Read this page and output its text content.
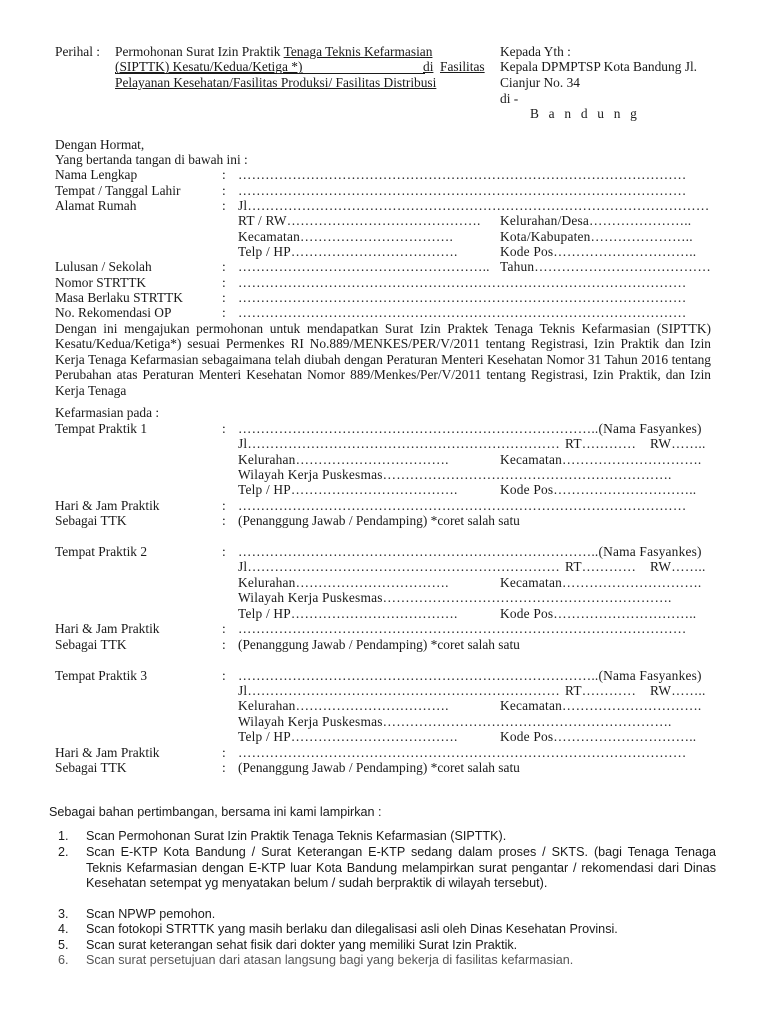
Perihal : Permohonan Surat Izin Praktik Tenaga Teknis Kefarmasian
(SIPTTK) Kesatu/Kedua/Ketiga *)	di Fasilitas
Pelayanan Kesehatan/Fasilitas Produksi/ Fasilitas Distribusi
Kepada Yth :
Kepala DPMPTSP Kota Bandung Jl.
Cianjur No. 34
di -
B a n d u n g
Dengan Hormat,
Yang bertanda tangan di bawah ini :
Nama Lengkap	: ………………………………………………………………………………………
Tempat / Tanggal Lahir	: ………………………………………………………………………………………
Alamat Rumah	: Jl…………………………………………………………………………………………
RT / RW……………………………………. Kelurahan/Desa…………………..
Kecamatan…………………………….	Kota/Kabupaten…………………..
Telp / HP……………………………….	Kode Pos…………………………..
Lulusan / Sekolah	: ……………………………………………….. Tahun…………………………………
Nomor STRTTK	: ………………………………………………………………………………………
Masa Berlaku STRTTK	: ………………………………………………………………………………………
No. Rekomendasi OP	: ………………………………………………………………………………………
Dengan ini mengajukan permohonan untuk mendapatkan Surat Izin Praktek Tenaga Teknis Kefarmasian (SIPTTK) Kesatu/Kedua/Ketiga*) sesuai Permenkes RI No.889/MENKES/PER/V/2011 tentang Registrasi, Izin Praktik dan Izin Kerja Tenaga Kefarmasian sebagaimana telah diubah dengan Peraturan Menteri Kesehatan Nomor 31 Tahun 2016 tentang Perubahan atas Peraturan Menteri Kesehatan Nomor 889/Menkes/Per/V/2011 tentang Registrasi, Izin Praktik, dan Izin Kerja Tenaga
Kefarmasian pada :
Tempat Praktik 1	: ……………………………………………………………………..(Nama Fasyankes)
Jl…………………………………………………………… RT………… RW……..
Kelurahan…………………………….	Kecamatan………………………….
Wilayah Kerja Puskesmas……………………………………………………….
Telp / HP……………………………….	Kode Pos…………………………..
Hari & Jam Praktik	: ………………………………………………………………………………………
Sebagai TTK	: (Penanggung Jawab / Pendamping) *coret salah satu
Tempat Praktik 2	: ……………………………………………………………………..(Nama Fasyankes)
Jl…………………………………………………………… RT………… RW……..
Kelurahan…………………………….	Kecamatan………………………….
Wilayah Kerja Puskesmas……………………………………………………….
Telp / HP……………………………….	Kode Pos…………………………..
Hari & Jam Praktik	: ………………………………………………………………………………………
Sebagai TTK	: (Penanggung Jawab / Pendamping) *coret salah satu
Tempat Praktik 3	: ……………………………………………………………………..(Nama Fasyankes)
Jl…………………………………………………………… RT………… RW……..
Kelurahan…………………………….	Kecamatan………………………….
Wilayah Kerja Puskesmas……………………………………………………….
Telp / HP……………………………….	Kode Pos…………………………..
Hari & Jam Praktik	: ………………………………………………………………………………………
Sebagai TTK	: (Penanggung Jawab / Pendamping) *coret salah satu
Sebagai bahan pertimbangan, bersama ini kami lampirkan :
1. Scan Permohonan Surat Izin Praktik Tenaga Teknis Kefarmasian (SIPTTK).
2. Scan E-KTP Kota Bandung / Surat Keterangan E-KTP sedang dalam proses / SKTS. (bagi Tenaga Tenaga Teknis Kefarmasian dengan E-KTP luar Kota Bandung melampirkan surat pengantar / rekomendasi dari Dinas Kesehatan setempat yg menyatakan belum / sudah berpraktik di wilayah tersebut).
3. Scan NPWP pemohon.
4. Scan fotokopi STRTTK yang masih berlaku dan dilegalisasi asli oleh Dinas Kesehatan Provinsi.
5. Scan surat keterangan sehat fisik dari dokter yang memiliki Surat Izin Praktik.
6. Scan surat persetujuan dari atasan langsung bagi yang bekerja di fasilitas kefarmasian.
